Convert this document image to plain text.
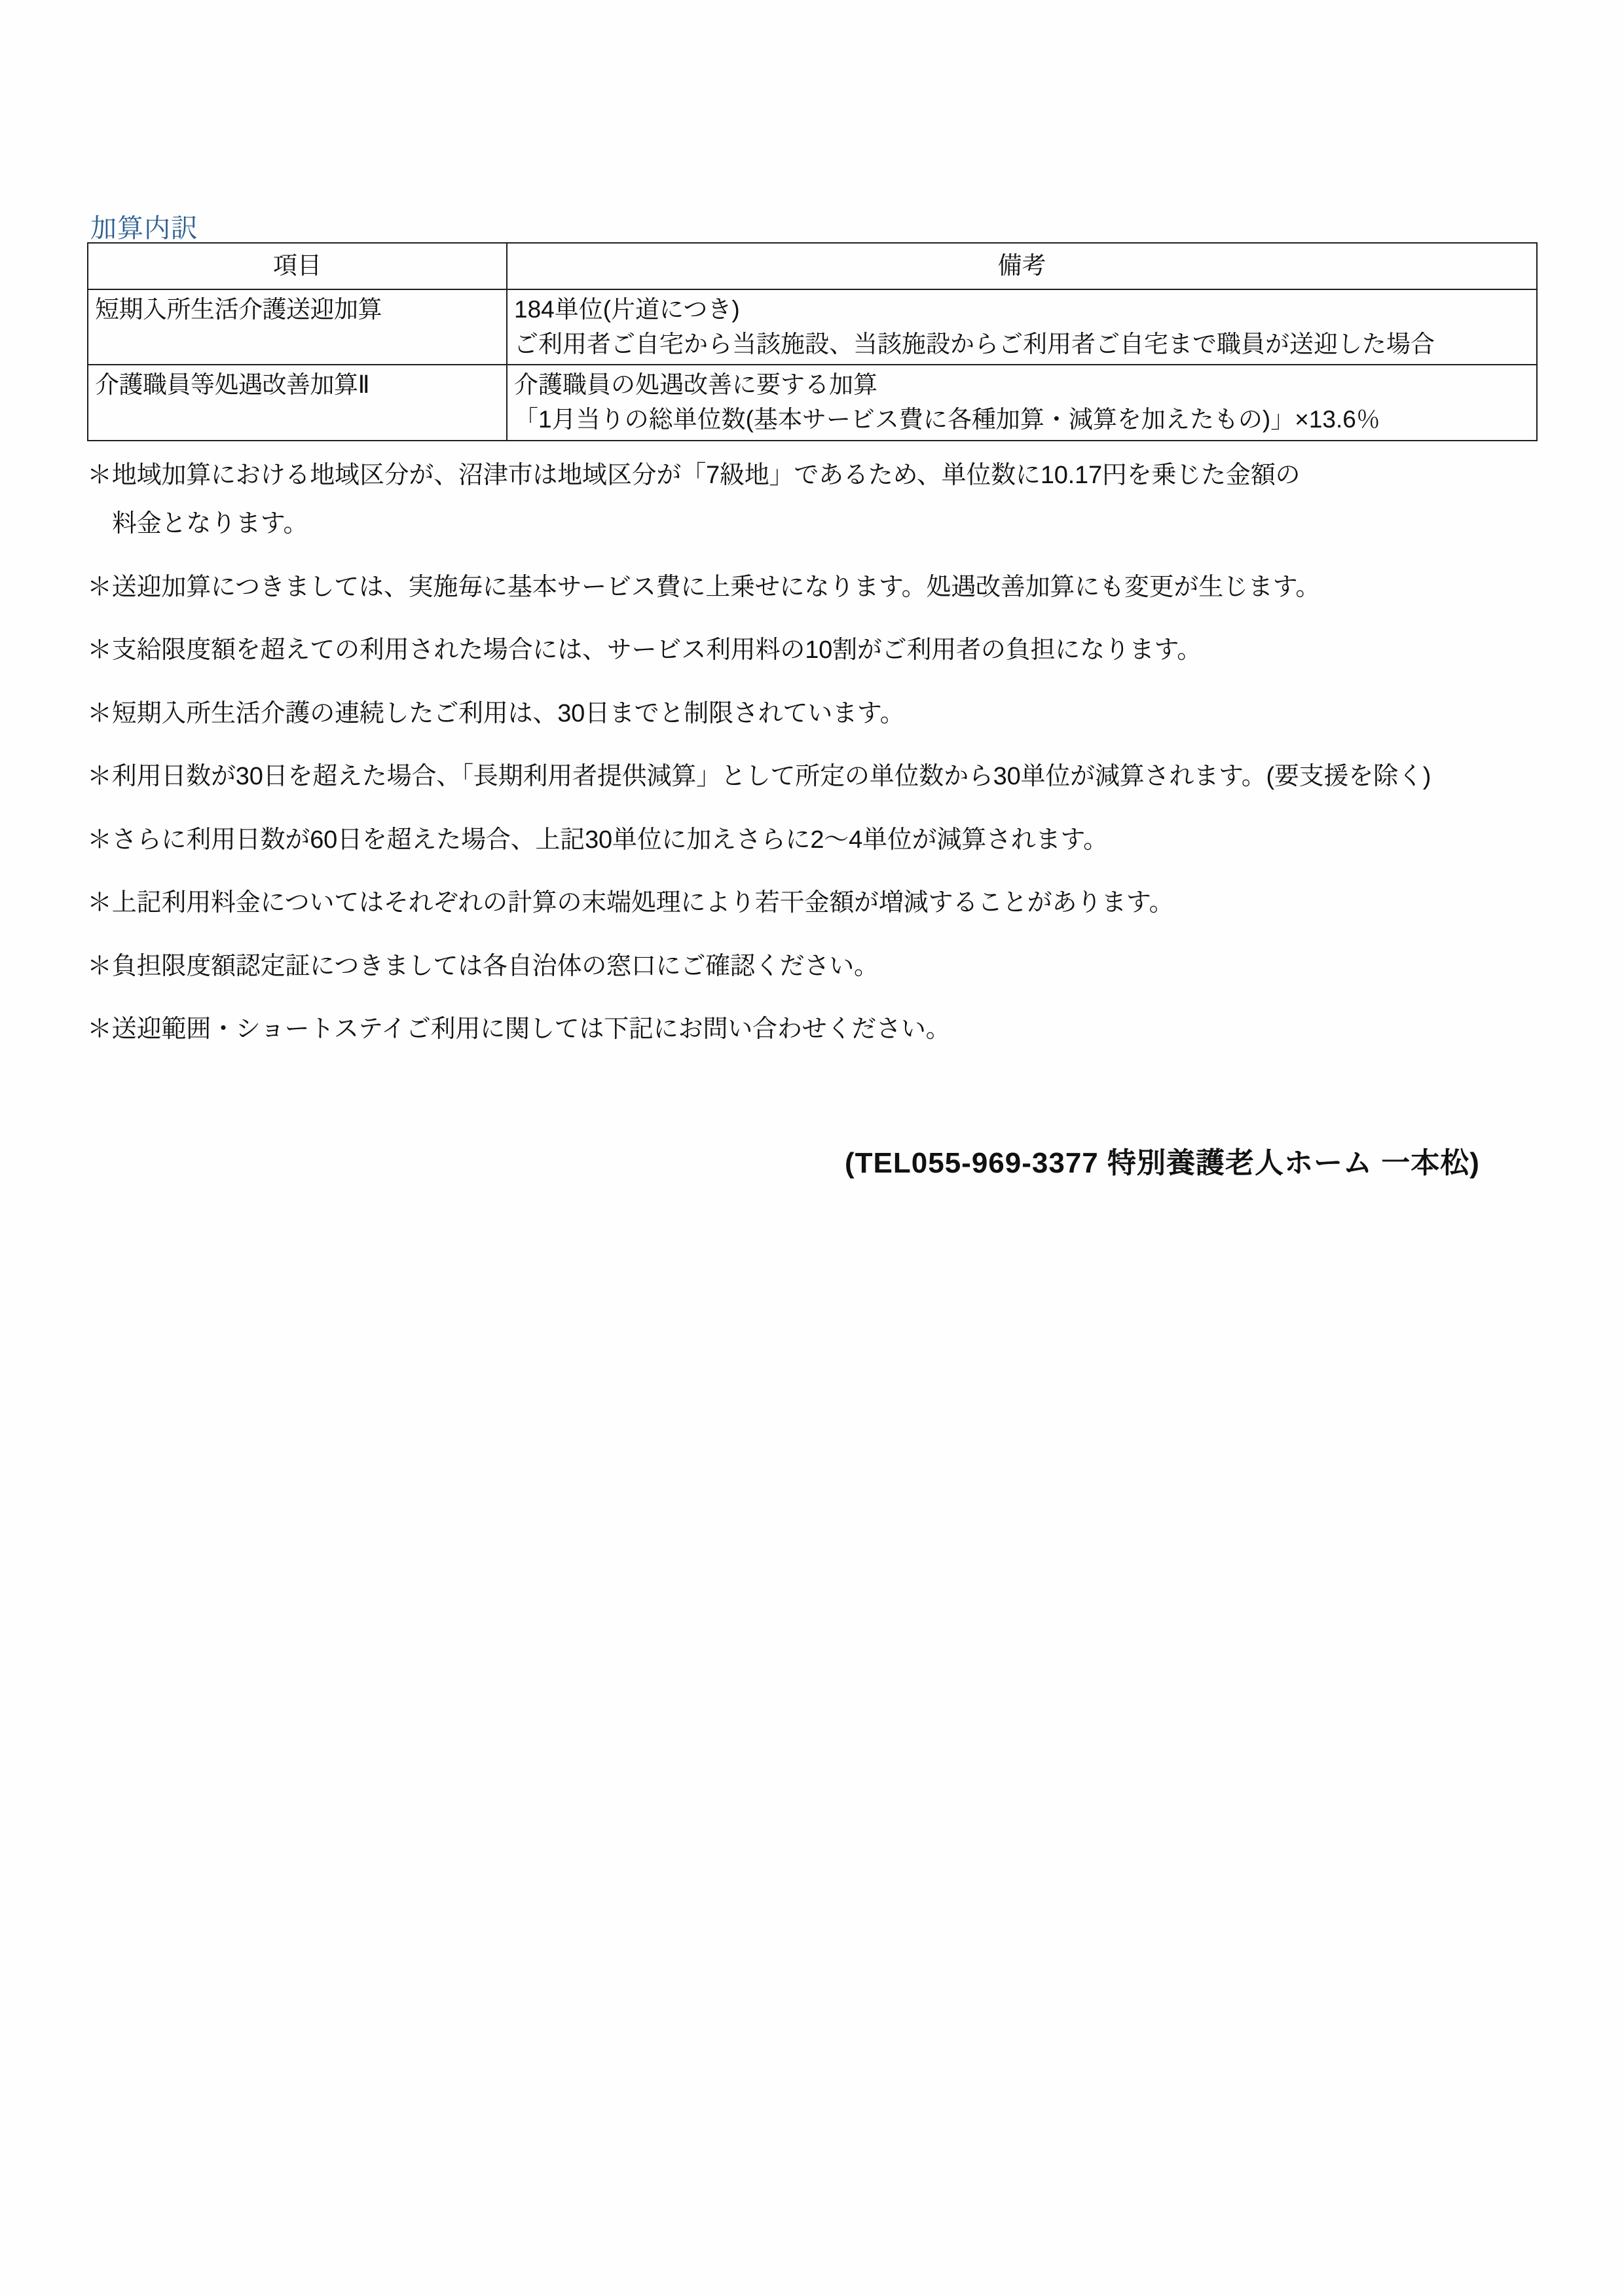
加算内訳
項目	備考
短期入所生活介護送迎加算	184単位(片道につき)
ご利用者ご自宅から当該施設、当該施設からご利用者ご自宅まで職員が送迎した場合

介護職員等処遇改善加算Ⅱ	介護職員の処遇改善に要する加算
「1月当りの総単位数(基本サービス費に各種加算・減算を加えたもの)」×13.6％

＊地域加算における地域区分が、沼津市は地域区分が「7級地」であるため、単位数に10.17円を乗じた金額の

料金となります。

＊送迎加算につきましては、実施毎に基本サービス費に上乗せになります。処遇改善加算にも変更が生じます。

＊支給限度額を超えての利用された場合には、サービス利用料の10割がご利用者の負担になります。

＊短期入所生活介護の連続したご利用は、30日までと制限されています。

＊利用日数が30日を超えた場合、「長期利用者提供減算」として所定の単位数から30単位が減算されます。(要支援を除く)

＊さらに利用日数が60日を超えた場合、上記30単位に加えさらに2～4単位が減算されます。

＊上記利用料金についてはそれぞれの計算の末端処理により若干金額が増減することがあります。

＊負担限度額認定証につきましては各自治体の窓口にご確認ください。

＊送迎範囲・ショートステイご利用に関しては下記にお問い合わせください。

(TEL055-969-3377 特別養護老人ホーム 一本松)
